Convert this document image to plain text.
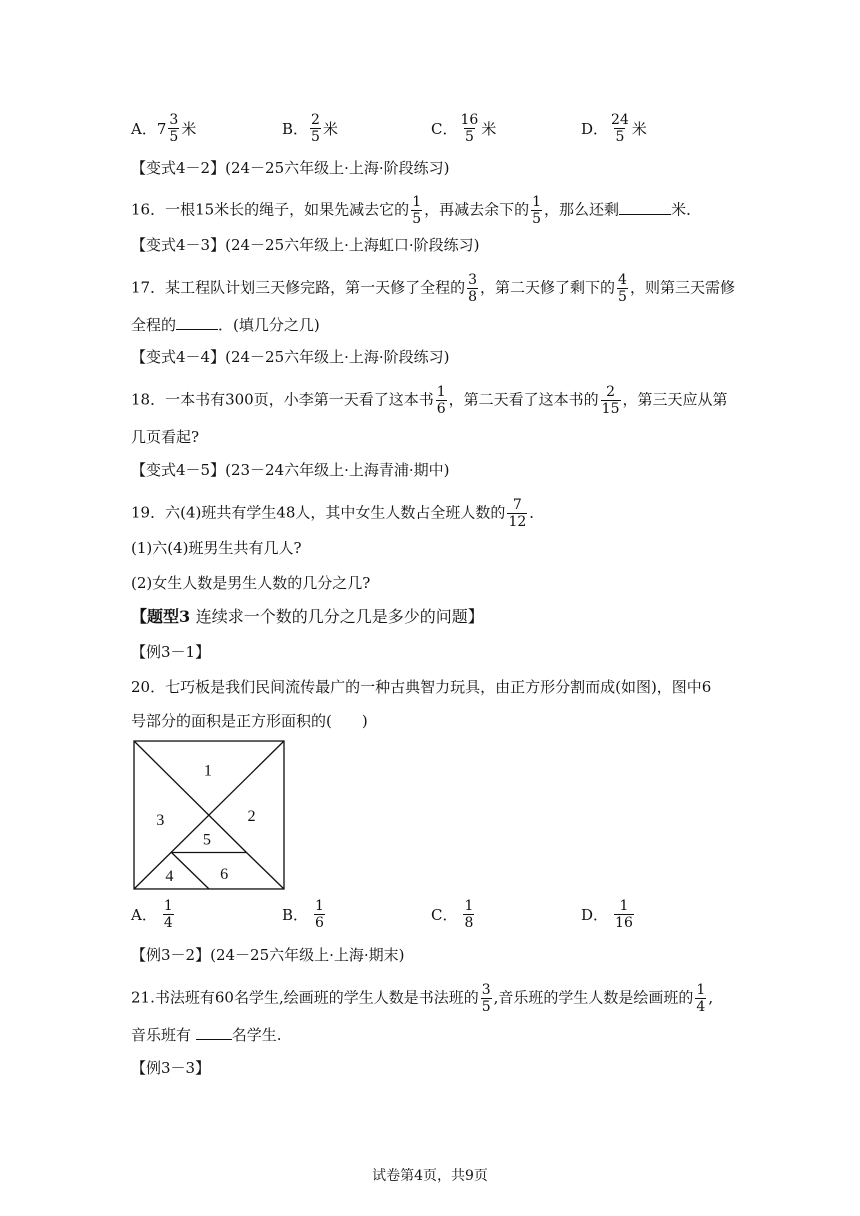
A． $7 \frac{3}{5}$ 米	B． $\frac{2}{5}$ 米	C． $\frac{16}{5}$ 米	D． $\frac{24}{5}$ 米
【变式4－2】(24－25六年级上·上海·阶段练习)
16．一根15米长的绳子，如果先减去它的 $\frac{1}{5}$ ，再减去余下的 $\frac{1}{5}$ ，那么还剩	米．
【变式4－3】(24－25六年级上·上海虹口·阶段练习)
17．某工程队计划三天修完路，第一天修了全程的 $\frac{3}{8}$ ，第二天修了剩下的 $\frac{4}{5}$ ，则第三天需修
全程的	．(填几分之几)
【变式4－4】(24－25六年级上·上海·阶段练习)
18．一本书有300页，小李第一天看了这本书 $\frac{1}{6}$ ，第二天看了这本书的 $\frac{2}{15}$ ，第三天应从第
几页看起?
【变式4－5】(23－24六年级上·上海青浦·期中)
19．六(4)班共有学生48人，其中女生人数占全班人数的 $\frac{7}{12}$ ．
(1)六(4)班男生共有几人?
(2)女生人数是男生人数的几分之几?
【题型3 连续求一个数的几分之几是多少的问题】
【例3－1】
20．七巧板是我们民间流传最广的一种古典智力玩具，由正方形分割而成(如图)，图中6
号部分的面积是正方形面积的(　　)
1
2
3
4
5
6
A． $\frac{1}{4}$	B． $\frac{1}{6}$	C． $\frac{1}{8}$	D． $\frac{1}{16}$
【例3－2】(24－25六年级上·上海·期末)
21.书法班有60名学生,绘画班的学生人数是书法班的 $\frac{3}{5}$ ,音乐班的学生人数是绘画班的 $\frac{1}{4}$ ,
音乐班有	名学生.
【例3－3】
试卷第4页，共9页
